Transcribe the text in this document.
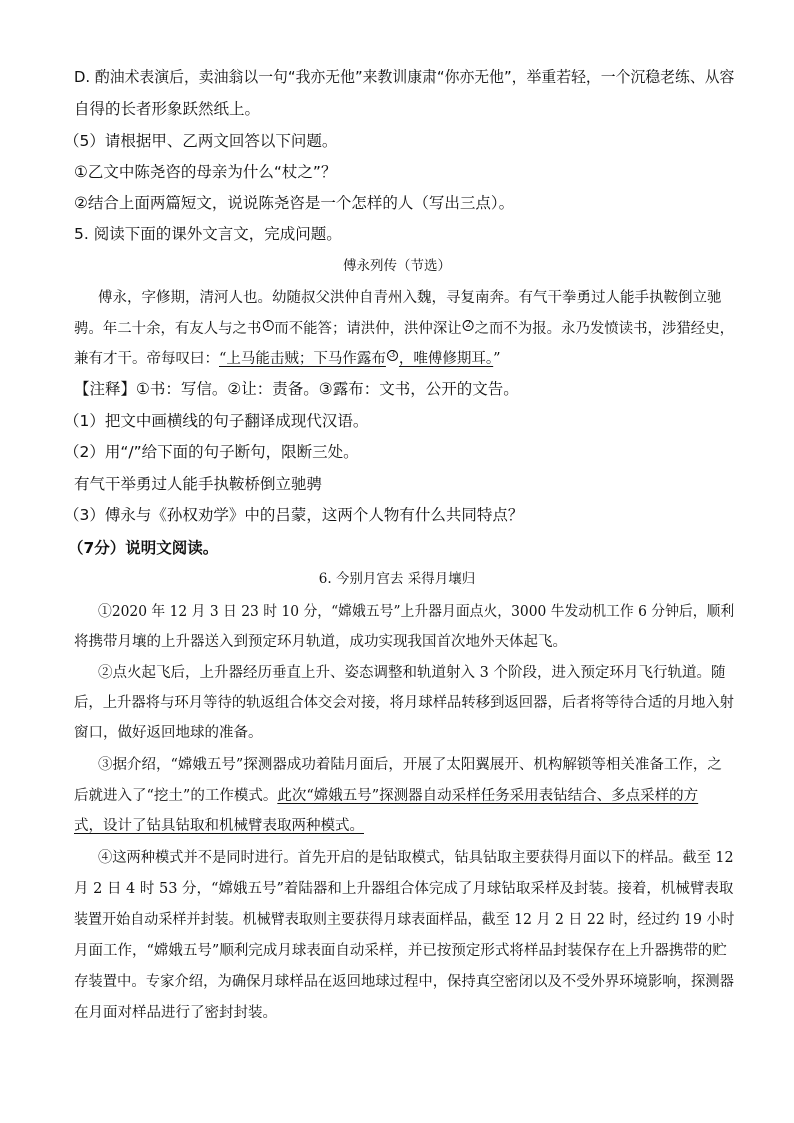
D. 酌油术表演后，卖油翁以一句“我亦无他”来教训康肃“你亦无他”，举重若轻，一个沉稳老练、从容
自得的长者形象跃然纸上。
（5）请根据甲、乙两文回答以下问题。
①乙文中陈尧咨的母亲为什么“杖之”？
②结合上面两篇短文，说说陈尧咨是一个怎样的人（写出三点）。
5. 阅读下面的课外文言文，完成问题。
傅永列传（节选）
傅永，字修期，清河人也。幼随叔父洪仲自青州入魏，寻复南奔。有气干拳勇过人能手执鞍倒立驰
骋。年二十余，有友人与之书 $^1$ 而不能答；请洪仲，洪仲深让 $^2$ 之而不为报。永乃发愤读书，涉猎经史，
兼有才干。帝每叹曰：“上马能击贼；下马作露布 $^3$ ，唯傅修期耳。”
【注释】①书：写信。②让：责备。③露布：文书，公开的文告。
（1）把文中画横线的句子翻译成现代汉语。
（2）用“/”给下面的句子断句，限断三处。
有气干举勇过人能手执鞍桥倒立驰骋
（3）傅永与《孙权劝学》中的吕蒙，这两个人物有什么共同特点？
（7分）说明文阅读。
6. 今别月宫去 采得月壤归
①2020 年 12 月 3 日 23 时 10 分，“嫦娥五号”上升器月面点火，3000 牛发动机工作 6 分钟后，顺利
将携带月壤的上升器送入到预定环月轨道，成功实现我国首次地外天体起飞。
②点火起飞后，上升器经历垂直上升、姿态调整和轨道射入 3 个阶段，进入预定环月飞行轨道。随
后，上升器将与环月等待的轨返组合体交会对接，将月球样品转移到返回器，后者将等待合适的月地入射
窗口，做好返回地球的准备。
③据介绍，“嫦娥五号”探测器成功着陆月面后，开展了太阳翼展开、机构解锁等相关准备工作，之
后就进入了“挖土”的工作模式。此次“嫦娥五号”探测器自动采样任务采用表钻结合、多点采样的方
式，设计了钻具钻取和机械臂表取两种模式。
④这两种模式并不是同时进行。首先开启的是钻取模式，钻具钻取主要获得月面以下的样品。截至 12
月 2 日 4 时 53 分，“嫦娥五号”着陆器和上升器组合体完成了月球钻取采样及封装。接着，机械臂表取
装置开始自动采样并封装。机械臂表取则主要获得月球表面样品，截至 12 月 2 日 22 时，经过约 19 小时
月面工作，“嫦娥五号”顺利完成月球表面自动采样，并已按预定形式将样品封装保存在上升器携带的贮
存装置中。专家介绍，为确保月球样品在返回地球过程中，保持真空密闭以及不受外界环境影响，探测器
在月面对样品进行了密封封装。
